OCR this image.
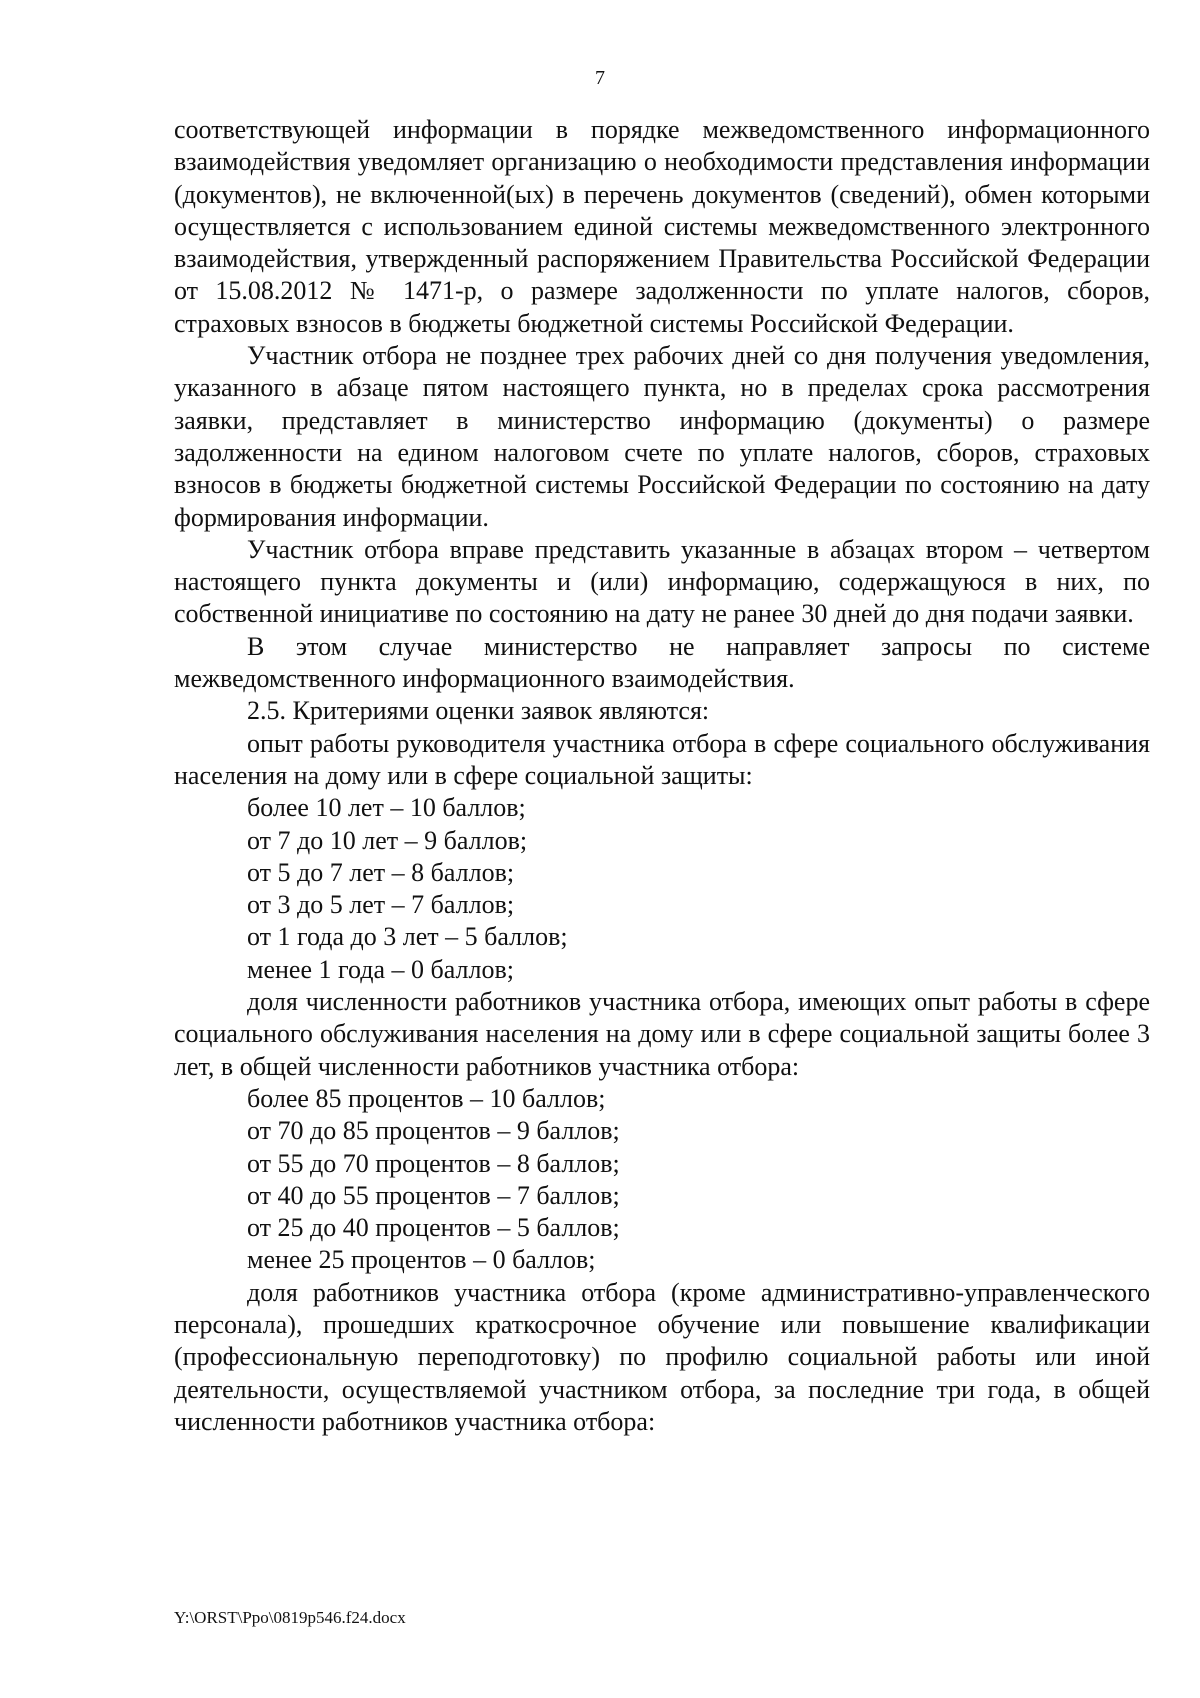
7

соответствующей информации в порядке межведомственного информационного взаимодействия уведомляет организацию о необходимости представления информации (документов), не включенной(ых) в перечень документов (сведений), обмен которыми осуществляется с использованием единой системы межведомственного электронного взаимодействия, утвержденный распоряжением Правительства Российской Федерации от 15.08.2012 № 1471-р, о размере задолженности по уплате налогов, сборов, страховых взносов в бюджеты бюджетной системы Российской Федерации.

Участник отбора не позднее трех рабочих дней со дня получения уведомления, указанного в абзаце пятом настоящего пункта, но в пределах срока рассмотрения заявки, представляет в министерство информацию (документы) о размере задолженности на едином налоговом счете по уплате налогов, сборов, страховых взносов в бюджеты бюджетной системы Российской Федерации по состоянию на дату формирования информации.

Участник отбора вправе представить указанные в абзацах втором – четвертом настоящего пункта документы и (или) информацию, содержащуюся в них, по собственной инициативе по состоянию на дату не ранее 30 дней до дня подачи заявки.

В этом случае министерство не направляет запросы по системе межведомственного информационного взаимодействия.

2.5. Критериями оценки заявок являются:

опыт работы руководителя участника отбора в сфере социального обслуживания населения на дому или в сфере социальной защиты:

более 10 лет – 10 баллов;

от 7 до 10 лет – 9 баллов;

от 5 до 7 лет – 8 баллов;

от 3 до 5 лет – 7 баллов;

от 1 года до 3 лет – 5 баллов;

менее 1 года – 0 баллов;

доля численности работников участника отбора, имеющих опыт работы в сфере социального обслуживания населения на дому или в сфере социальной защиты более 3 лет, в общей численности работников участника отбора:

более 85 процентов – 10 баллов;

от 70 до 85 процентов – 9 баллов;

от 55 до 70 процентов – 8 баллов;

от 40 до 55 процентов – 7 баллов;

от 25 до 40 процентов – 5 баллов;

менее 25 процентов – 0 баллов;

доля работников участника отбора (кроме административно-управленческого персонала), прошедших краткосрочное обучение или повышение квалификации (профессиональную переподготовку) по профилю социальной работы или иной деятельности, осуществляемой участником отбора, за последние три года, в общей численности работников участника отбора:

Y:\ORST\Ppo\0819p546.f24.docx
